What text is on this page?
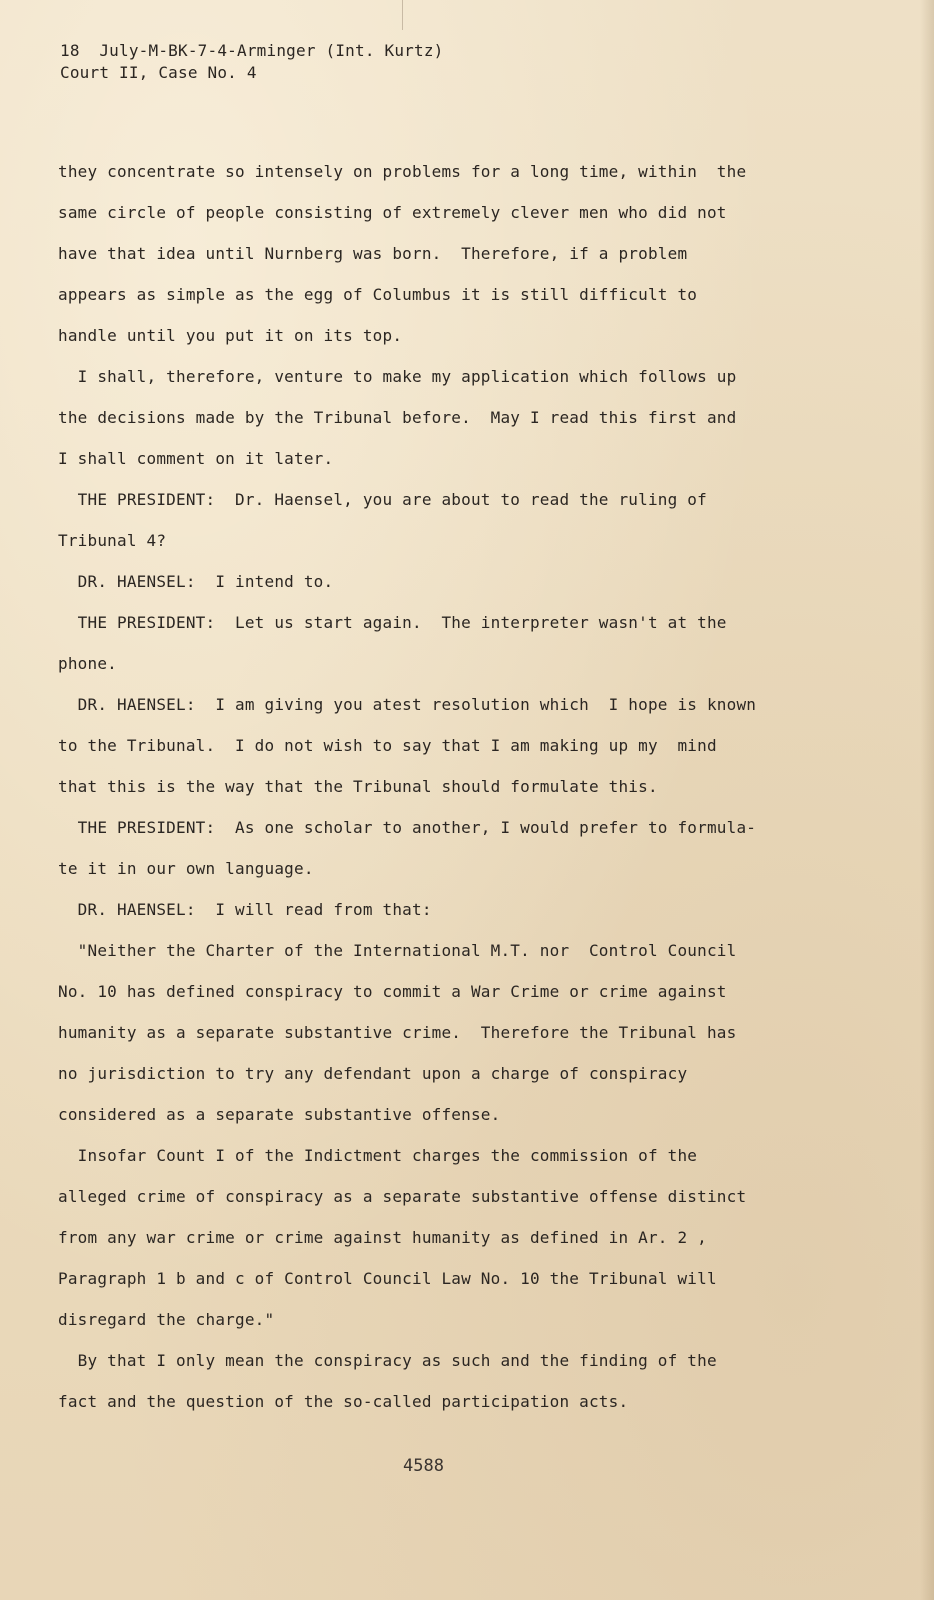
18  July-M-BK-7-4-Arminger (Int. Kurtz)
Court II, Case No. 4
they concentrate so intensely on problems for a long time, within  the
same circle of people consisting of extremely clever men who did not
have that idea until Nurnberg was born.  Therefore, if a problem
appears as simple as the egg of Columbus it is still difficult to
handle until you put it on its top.
I shall, therefore, venture to make my application which follows up
the decisions made by the Tribunal before.  May I read this first and
I shall comment on it later.
THE PRESIDENT:  Dr. Haensel, you are about to read the ruling of
Tribunal 4?
DR. HAENSEL:  I intend to.
THE PRESIDENT:  Let us start again.  The interpreter wasn't at the
phone.
DR. HAENSEL:  I am giving you atest resolution which  I hope is known
to the Tribunal.  I do not wish to say that I am making up my  mind
that this is the way that the Tribunal should formulate this.
THE PRESIDENT:  As one scholar to another, I would prefer to formula-
te it in our own language.
DR. HAENSEL:  I will read from that:
"Neither the Charter of the International M.T. nor  Control Council
No. 10 has defined conspiracy to commit a War Crime or crime against
humanity as a separate substantive crime.  Therefore the Tribunal has
no jurisdiction to try any defendant upon a charge of conspiracy
considered as a separate substantive offense.
Insofar Count I of the Indictment charges the commission of the
alleged crime of conspiracy as a separate substantive offense distinct
from any war crime or crime against humanity as defined in Ar. 2 ,
Paragraph 1 b and c of Control Council Law No. 10 the Tribunal will
disregard the charge."
By that I only mean the conspiracy as such and the finding of the
fact and the question of the so-called participation acts.
4588
